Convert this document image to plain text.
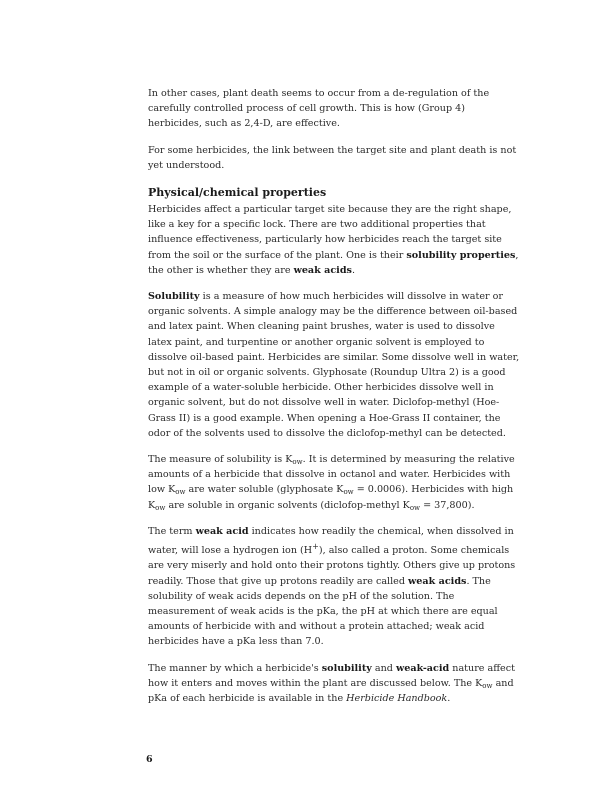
In other cases, plant death seems to occur from a de-regulation of the carefully controlled process of cell growth. This is how (Group 4) herbicides, such as 2,4-D, are effective.

For some herbicides, the link between the target site and plant death is not yet understood.

Physical/chemical properties

Herbicides affect a particular target site because they are the right shape, like a key for a specific lock. There are two additional properties that influence effectiveness, particularly how herbicides reach the target site from the soil or the surface of the plant. One is their solubility properties, the other is whether they are weak acids.

Solubility is a measure of how much herbicides will dissolve in water or organic solvents. A simple analogy may be the difference between oil-based and latex paint. When cleaning paint brushes, water is used to dissolve latex paint, and turpentine or another organic solvent is employed to dissolve oil-based paint. Herbicides are similar. Some dissolve well in water, but not in oil or organic solvents. Glyphosate (Roundup Ultra 2) is a good example of a water-soluble herbicide. Other herbicides dissolve well in organic solvent, but do not dissolve well in water. Diclofop-methyl (Hoe-Grass II) is a good example. When opening a Hoe-Grass II container, the odor of the solvents used to dissolve the diclofop-methyl can be detected.

The measure of solubility is $K_{ow}$. It is determined by measuring the relative amounts of a herbicide that dissolve in octanol and water. Herbicides with low $K_{ow}$ are water soluble (glyphosate $K_{ow} = 0.0006$). Herbicides with high $K_{ow}$ are soluble in organic solvents (diclofop-methyl $K_{ow} = 37,800$).

The term weak acid indicates how readily the chemical, when dissolved in water, will lose a hydrogen ion (H+), also called a proton. Some chemicals are very miserly and hold onto their protons tightly. Others give up protons readily. Those that give up protons readily are called weak acids. The solubility of weak acids depends on the pH of the solution. The measurement of weak acids is the pKa, the pH at which there are equal amounts of herbicide with and without a protein attached; weak acid herbicides have a pKa less than 7.0.

The manner by which a herbicide's solubility and weak-acid nature affect how it enters and moves within the plant are discussed below. The $K_{ow}$ and pKa of each herbicide is available in the Herbicide Handbook.

6
